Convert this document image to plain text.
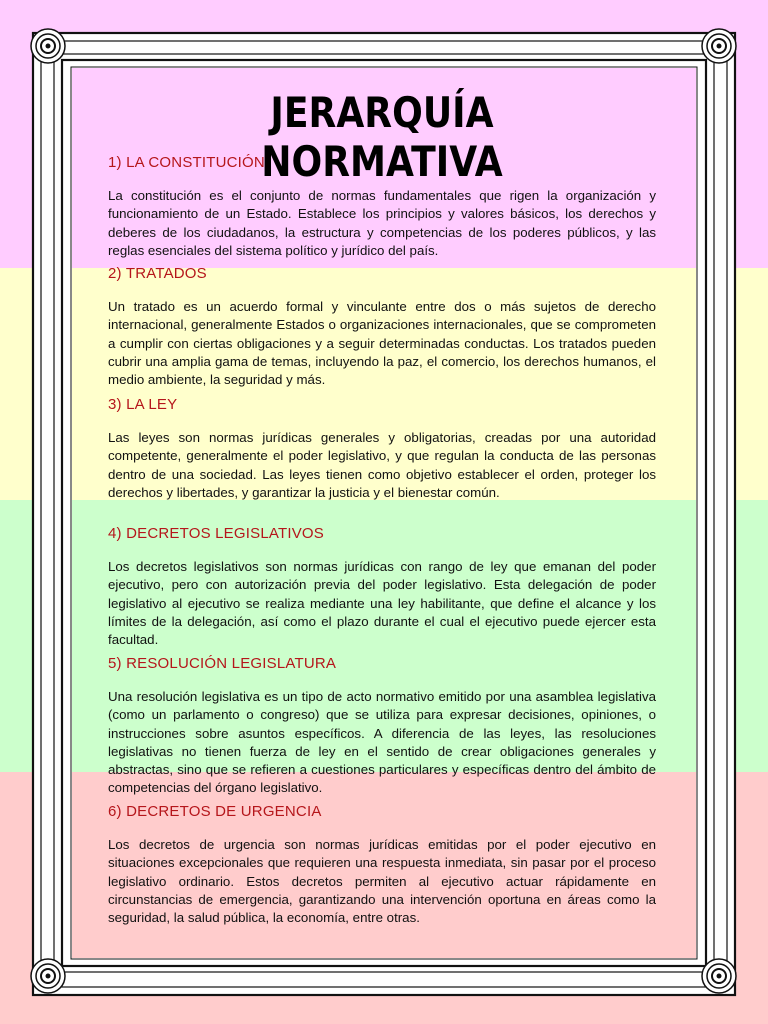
JERARQUÍA NORMATIVA
1) LA CONSTITUCIÓN

La constitución es el conjunto de normas fundamentales que rigen la organización y funcionamiento de un Estado. Establece los principios y valores básicos, los derechos y deberes de los ciudadanos, la estructura y competencias de los poderes públicos, y las reglas esenciales del sistema político y jurídico del país.

2) TRATADOS

Un tratado es un acuerdo formal y vinculante entre dos o más sujetos de derecho internacional, generalmente Estados o organizaciones internacionales, que se comprometen a cumplir con ciertas obligaciones y a seguir determinadas conductas. Los tratados pueden cubrir una amplia gama de temas, incluyendo la paz, el comercio, los derechos humanos, el medio ambiente, la seguridad y más.

3) LA LEY

Las leyes son normas jurídicas generales y obligatorias, creadas por una autoridad competente, generalmente el poder legislativo, y que regulan la conducta de las personas dentro de una sociedad. Las leyes tienen como objetivo establecer el orden, proteger los derechos y libertades, y garantizar la justicia y el bienestar común.

4) DECRETOS LEGISLATIVOS

Los decretos legislativos son normas jurídicas con rango de ley que emanan del poder ejecutivo, pero con autorización previa del poder legislativo. Esta delegación de poder legislativo al ejecutivo se realiza mediante una ley habilitante, que define el alcance y los límites de la delegación, así como el plazo durante el cual el ejecutivo puede ejercer esta facultad.

5) RESOLUCIÓN LEGISLATURA

Una resolución legislativa es un tipo de acto normativo emitido por una asamblea legislativa (como un parlamento o congreso) que se utiliza para expresar decisiones, opiniones, o instrucciones sobre asuntos específicos. A diferencia de las leyes, las resoluciones legislativas no tienen fuerza de ley en el sentido de crear obligaciones generales y abstractas, sino que se refieren a cuestiones particulares y específicas dentro del ámbito de competencias del órgano legislativo.

6) DECRETOS DE URGENCIA

Los decretos de urgencia son normas jurídicas emitidas por el poder ejecutivo en situaciones excepcionales que requieren una respuesta inmediata, sin pasar por el proceso legislativo ordinario. Estos decretos permiten al ejecutivo actuar rápidamente en circunstancias de emergencia, garantizando una intervención oportuna en áreas como la seguridad, la salud pública, la economía, entre otras.
